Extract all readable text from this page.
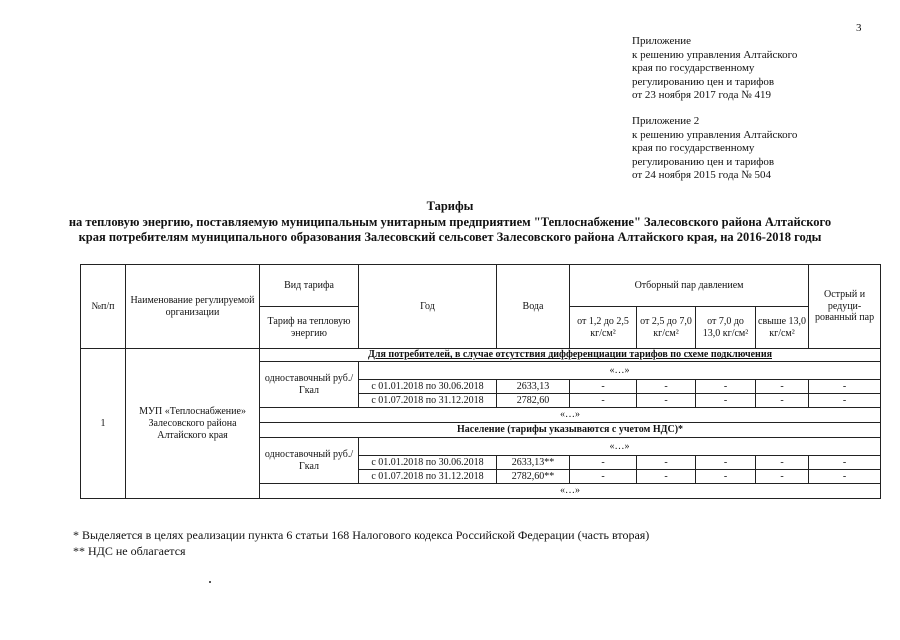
3
Приложение
к решению управления Алтайского
края по государственному
регулированию цен и тарифов
от 23 ноября 2017 года № 419
Приложение 2
к решению управления Алтайского
края по государственному
регулированию цен и тарифов
от 24 ноября 2015 года № 504
Тарифы
на тепловую энергию, поставляемую муниципальным унитарным предприятием "Теплоснабжение" Залесовского района Алтайского
края потребителям муниципального образования Залесовский сельсовет Залесовского района Алтайского края, на 2016-2018 годы
№п/п	Наименование регулируемой организации	Вид тарифа	Год	Вода	Отборный пар давлением				Острый и редуци-рованный пар
		Тариф на тепловую энергию			от 1,2 до 2,5 кг/см²	от 2,5 до 7,0 кг/см²	от 7,0 до 13,0 кг/см²	свыше 13,0 кг/см²	
1	МУП «Теплоснабжение» Залесовского района Алтайского края	Для потребителей, в случае отсутствия дифференциации тарифов по схеме подключения							
		одноставочный руб./Гкал	«…»						
			с 01.01.2018 по 30.06.2018	2633,13	-	-	-	-	-
			с 01.07.2018 по 31.12.2018	2782,60	-	-	-	-	-
		«…»							
		Население (тарифы указываются с учетом НДС)*							
		одноставочный руб./Гкал	«…»						
			с 01.01.2018 по 30.06.2018	2633,13**	-	-	-	-	-
			с 01.07.2018 по 31.12.2018	2782,60**	-	-	-	-	-
		«…»							
* Выделяется в целях реализации пункта 6 статьи 168 Налогового кодекса Российской Федерации (часть вторая)
** НДС не облагается
